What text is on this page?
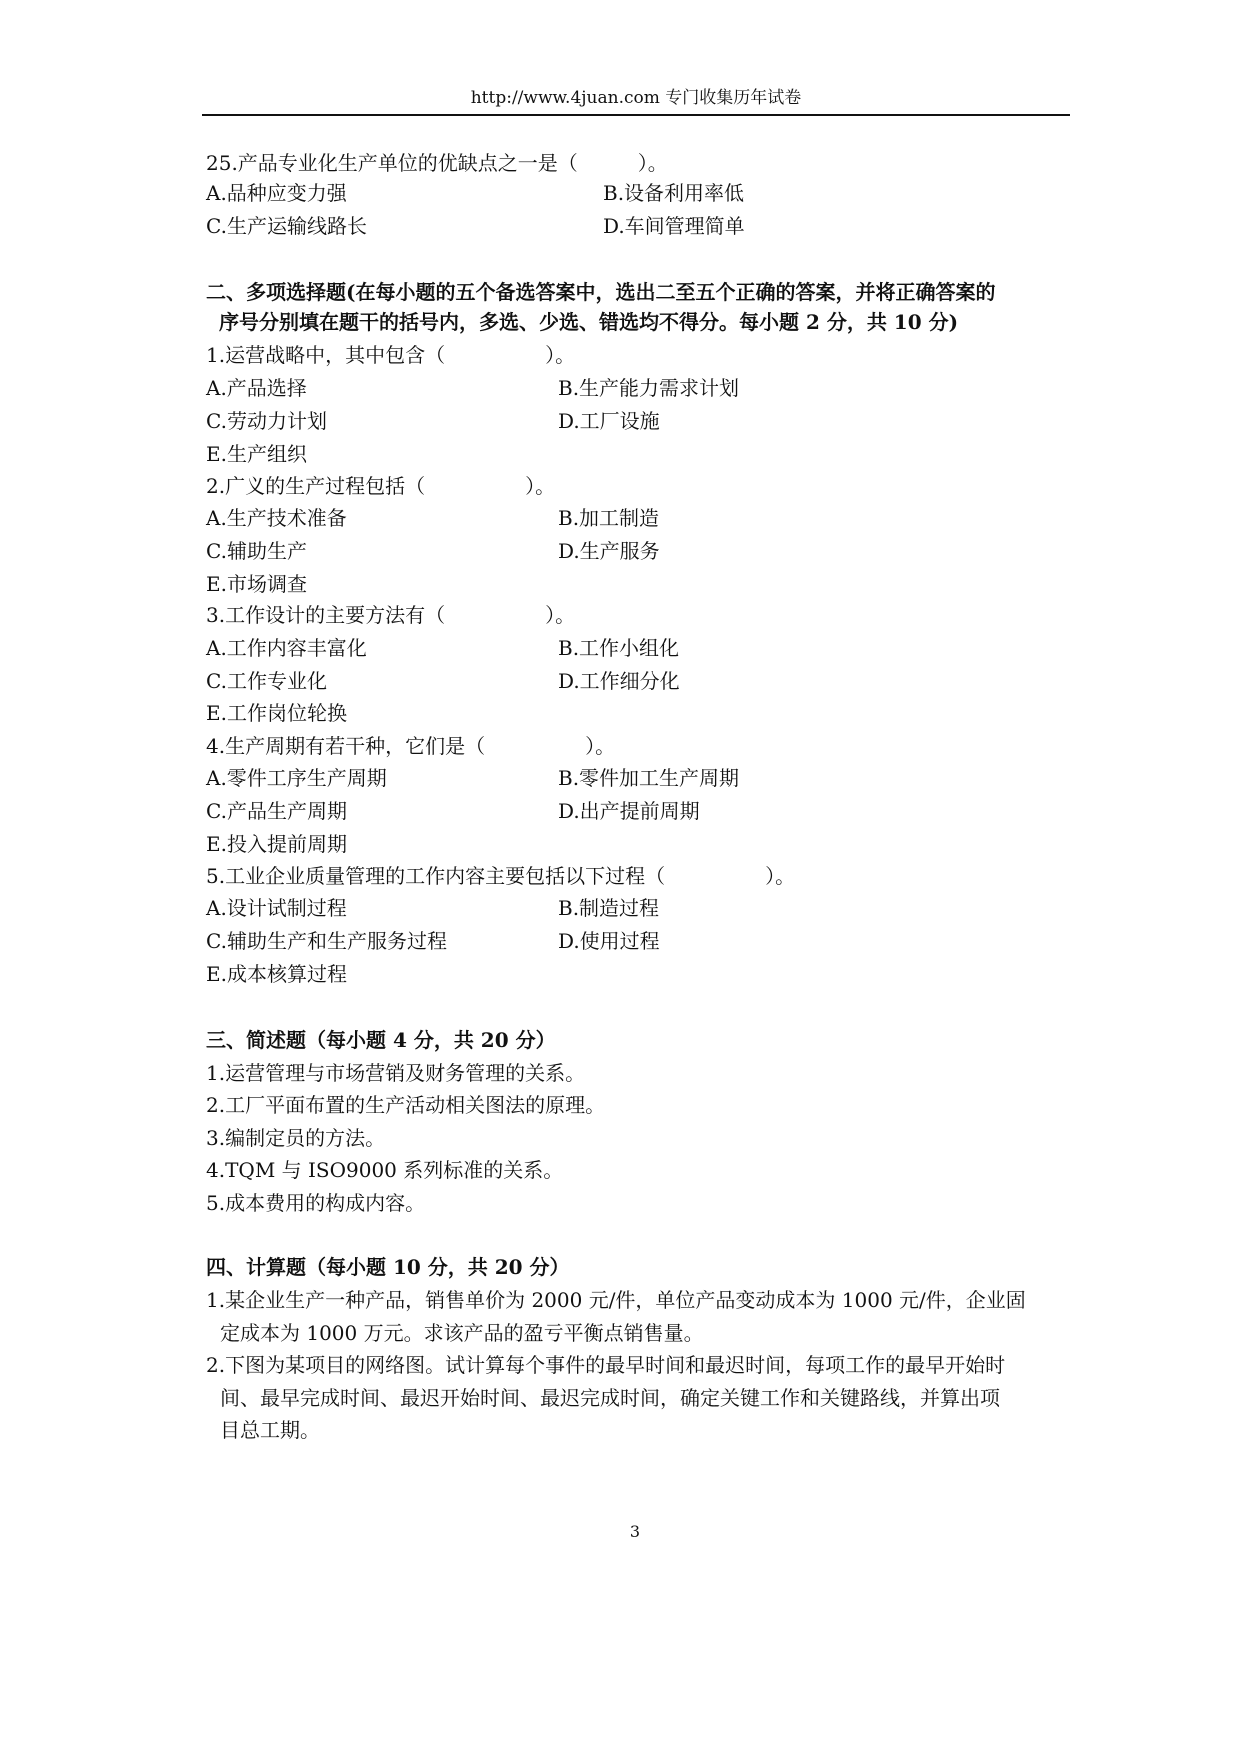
http://www.4juan.com 专门收集历年试卷
25.产品专业化生产单位的优缺点之一是（　　　）。
A.品种应变力强	B.设备利用率低
C.生产运输线路长	D.车间管理简单
二、多项选择题(在每小题的五个备选答案中，选出二至五个正确的答案，并将正确答案的
序号分别填在题干的括号内，多选、少选、错选均不得分。每小题 2 分，共 10 分)
1.运营战略中，其中包含（　　　　　）。
A.产品选择	B.生产能力需求计划
C.劳动力计划	D.工厂设施
E.生产组织
2.广义的生产过程包括（　　　　　）。
A.生产技术准备	B.加工制造
C.辅助生产	D.生产服务
E.市场调查
3.工作设计的主要方法有（　　　　　）。
A.工作内容丰富化	B.工作小组化
C.工作专业化	D.工作细分化
E.工作岗位轮换
4.生产周期有若干种，它们是（　　　　　）。
A.零件工序生产周期	B.零件加工生产周期
C.产品生产周期	D.出产提前周期
E.投入提前周期
5.工业企业质量管理的工作内容主要包括以下过程（　　　　　）。
A.设计试制过程	B.制造过程
C.辅助生产和生产服务过程	D.使用过程
E.成本核算过程
三、简述题（每小题 4 分，共 20 分）
1.运营管理与市场营销及财务管理的关系。
2.工厂平面布置的生产活动相关图法的原理。
3.编制定员的方法。
4.TQM 与 ISO9000 系列标准的关系。
5.成本费用的构成内容。
四、计算题（每小题 10 分，共 20 分）
1.某企业生产一种产品，销售单价为 2000 元/件，单位产品变动成本为 1000 元/件，企业固
定成本为 1000 万元。求该产品的盈亏平衡点销售量。
2.下图为某项目的网络图。试计算每个事件的最早时间和最迟时间，每项工作的最早开始时
间、最早完成时间、最迟开始时间、最迟完成时间，确定关键工作和关键路线，并算出项
目总工期。
3
